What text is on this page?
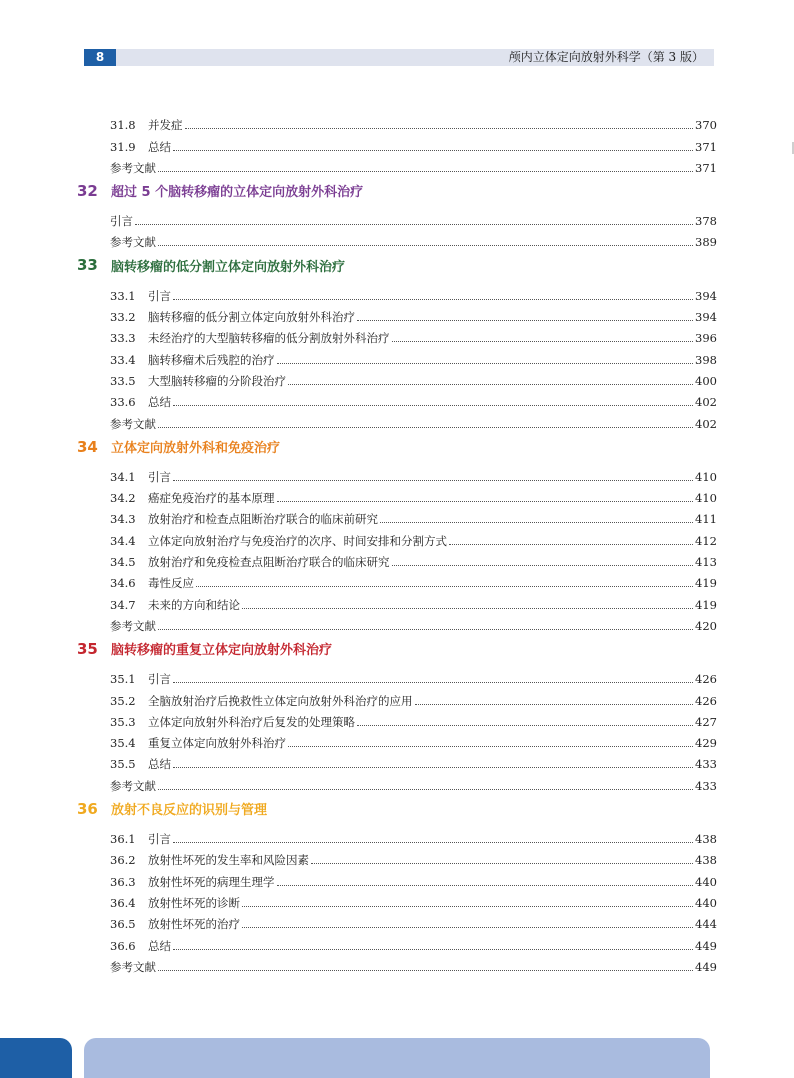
8	颅内立体定向放射外科学（第 3 版）
31.8	并发症	370
31.9	总结	371
参考文献	371
32	超过 5 个脑转移瘤的立体定向放射外科治疗
引言	378
参考文献	389
33	脑转移瘤的低分割立体定向放射外科治疗
33.1	引言	394
33.2	脑转移瘤的低分割立体定向放射外科治疗	394
33.3	未经治疗的大型脑转移瘤的低分割放射外科治疗	396
33.4	脑转移瘤术后残腔的治疗	398
33.5	大型脑转移瘤的分阶段治疗	400
33.6	总结	402
参考文献	402
34	立体定向放射外科和免疫治疗
34.1	引言	410
34.2	癌症免疫治疗的基本原理	410
34.3	放射治疗和检查点阻断治疗联合的临床前研究	411
34.4	立体定向放射治疗与免疫治疗的次序、时间安排和分割方式	412
34.5	放射治疗和免疫检查点阻断治疗联合的临床研究	413
34.6	毒性反应	419
34.7	未来的方向和结论	419
参考文献	420
35	脑转移瘤的重复立体定向放射外科治疗
35.1	引言	426
35.2	全脑放射治疗后挽救性立体定向放射外科治疗的应用	426
35.3	立体定向放射外科治疗后复发的处理策略	427
35.4	重复立体定向放射外科治疗	429
35.5	总结	433
参考文献	433
36	放射不良反应的识别与管理
36.1	引言	438
36.2	放射性坏死的发生率和风险因素	438
36.3	放射性坏死的病理生理学	440
36.4	放射性坏死的诊断	440
36.5	放射性坏死的治疗	444
36.6	总结	449
参考文献	449
